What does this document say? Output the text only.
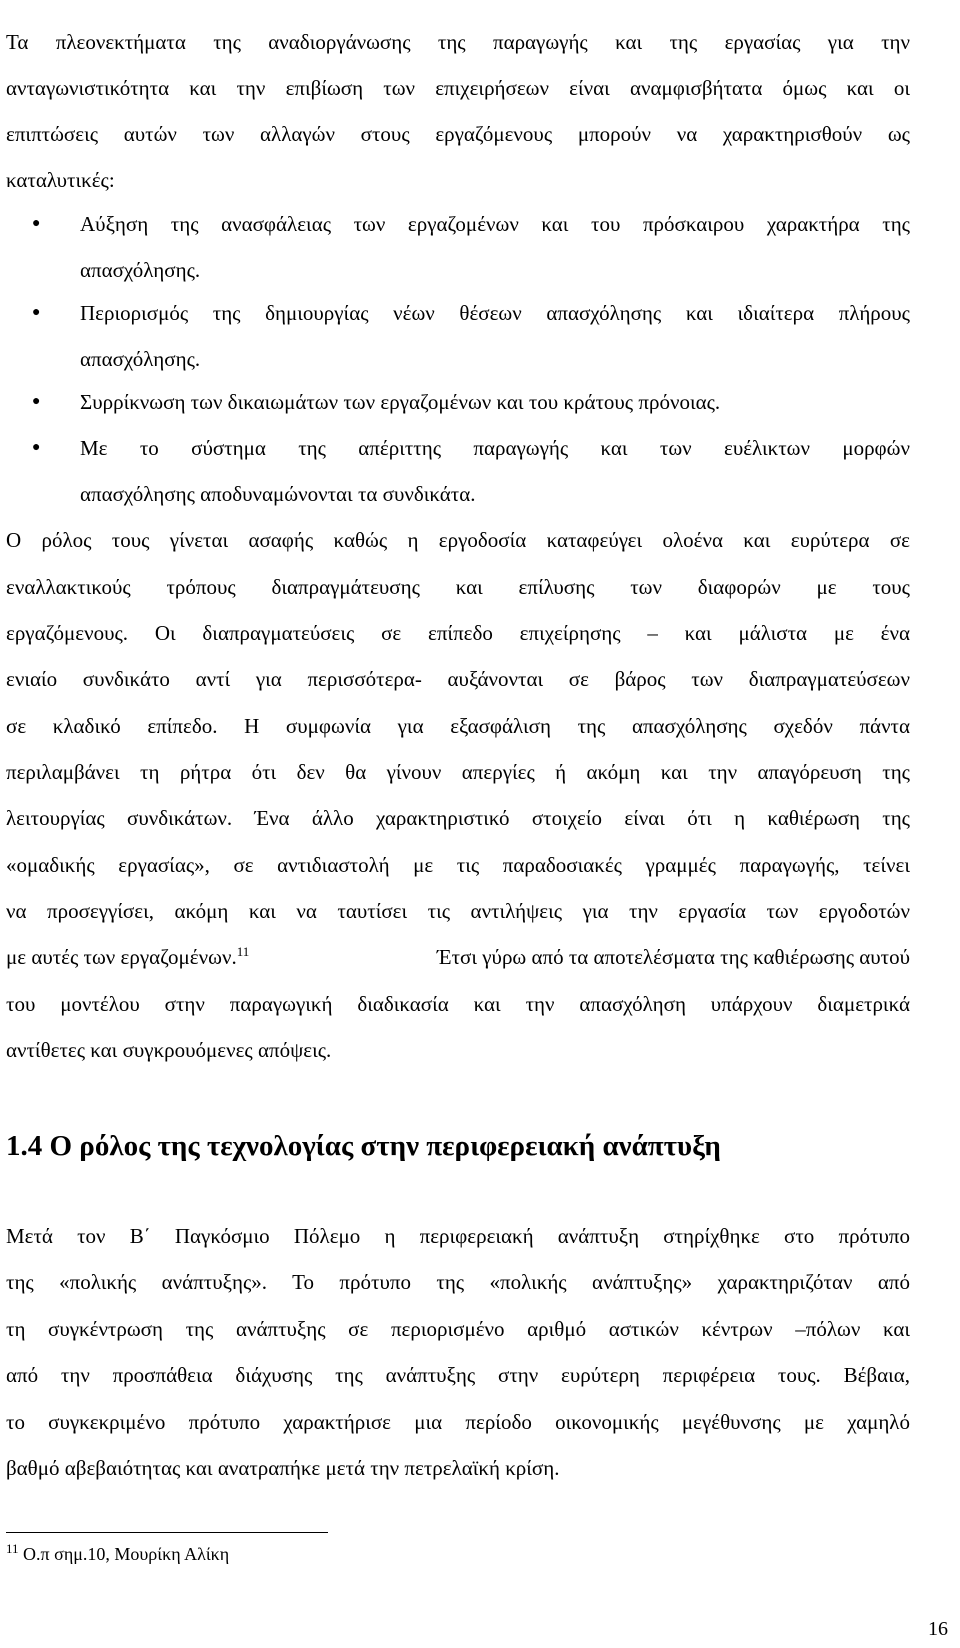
Τα πλεονεκτήματα της αναδιοργάνωσης της παραγωγής και της εργασίας για την

ανταγωνιστικότητα και την επιβίωση των επιχειρήσεων είναι αναμφισβήτατα όμως και οι

επιπτώσεις αυτών των αλλαγών στους εργαζόμενους μπορούν να χαρακτηρισθούν ως

καταλυτικές:

● Αύξηση της ανασφάλειας των εργαζομένων και του πρόσκαιρου χαρακτήρα της

απασχόλησης.

● Περιορισμός της δημιουργίας νέων θέσεων απασχόλησης και ιδιαίτερα πλήρους

απασχόλησης.

● Συρρίκνωση των δικαιωμάτων των εργαζομένων και του κράτους πρόνοιας.

● Με το σύστημα της απέριττης παραγωγής και των ευέλικτων μορφών

απασχόλησης αποδυναμώνονται τα συνδικάτα.

Ο ρόλος τους γίνεται ασαφής καθώς η εργοδοσία καταφεύγει ολοένα και ευρύτερα σε

εναλλακτικούς τρόπους διαπραγμάτευσης και επίλυσης των διαφορών με τους

εργαζόμενους. Οι διαπραγματεύσεις σε επίπεδο επιχείρησης – και μάλιστα με ένα

ενιαίο συνδικάτο αντί για περισσότερα- αυξάνονται σε βάρος των διαπραγματεύσεων

σε κλαδικό επίπεδο. Η συμφωνία για εξασφάλιση της απασχόλησης σχεδόν πάντα

περιλαμβάνει τη ρήτρα ότι δεν θα γίνουν απεργίες ή ακόμη και την απαγόρευση της

λειτουργίας συνδικάτων. Ένα άλλο χαρακτηριστικό στοιχείο είναι ότι η καθιέρωση της

«ομαδικής εργασίας», σε αντιδιαστολή με τις παραδοσιακές γραμμές παραγωγής, τείνει

να προσεγγίσει, ακόμη και να ταυτίσει τις αντιλήψεις για την εργασία των εργοδοτών

με αυτές των εργαζομένων.$^{11}$	Έτσι γύρω από τα αποτελέσματα της καθιέρωσης αυτού

του μοντέλου στην παραγωγική διαδικασία και την απασχόληση υπάρχουν διαμετρικά

αντίθετες και συγκρουόμενες απόψεις.

1.4 Ο ρόλος της τεχνολογίας στην περιφερειακή ανάπτυξη

Μετά τον Β΄ Παγκόσμιο Πόλεμο η περιφερειακή ανάπτυξη στηρίχθηκε στο πρότυπο

της «πολικής ανάπτυξης». Το πρότυπο της «πολικής ανάπτυξης» χαρακτηριζόταν από

τη συγκέντρωση της ανάπτυξης σε περιορισμένο αριθμό αστικών κέντρων –πόλων και

από την προσπάθεια διάχυσης της ανάπτυξης στην ευρύτερη περιφέρεια τους. Βέβαια,

το συγκεκριμένο πρότυπο χαρακτήρισε μια περίοδο οικονομικής μεγέθυνσης με χαμηλό

βαθμό αβεβαιότητας και ανατραπήκε μετά την πετρελαϊκή κρίση.

$^{11}$ Ο.π σημ.10, Μουρίκη Αλίκη
16
